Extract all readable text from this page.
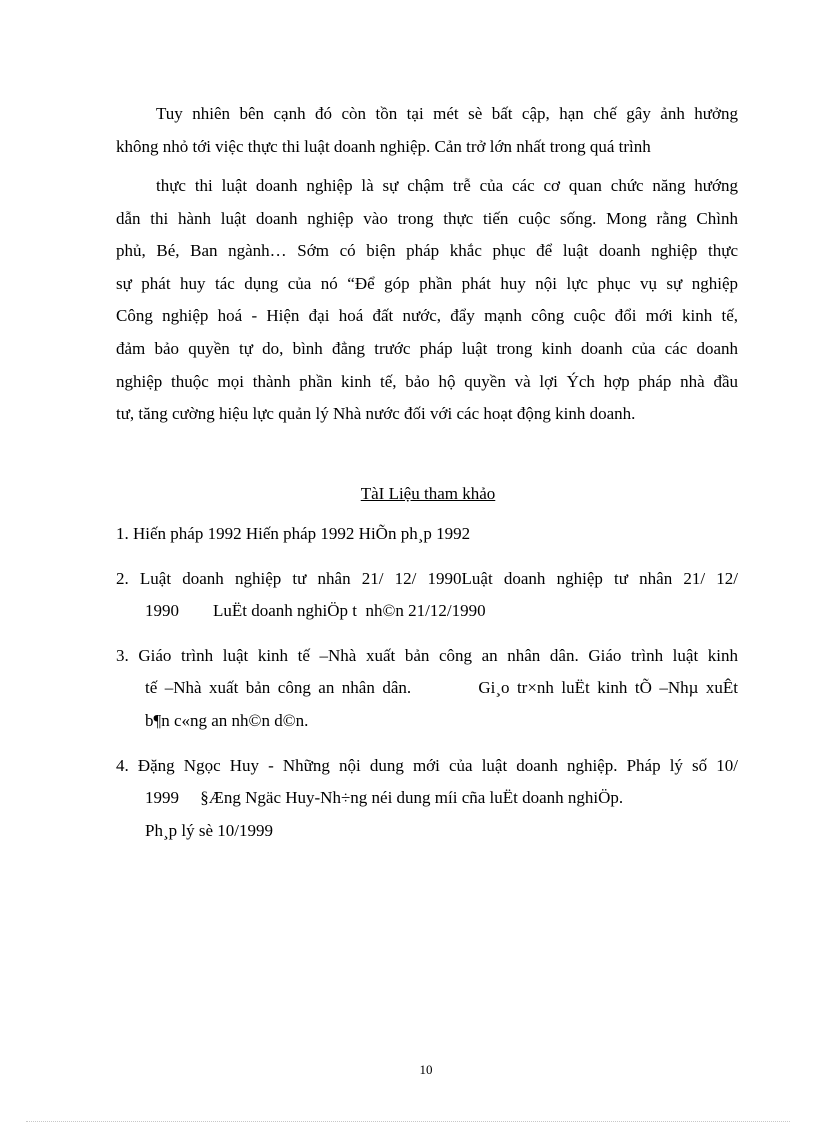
Tuy nhiên bên cạnh đó còn tồn tại mét sè bất cập, hạn chế gây ảnh hưởng
không nhỏ tới việc thực thi luật doanh nghiệp. Cản trở lớn nhất trong quá trình
thực thi luật doanh nghiệp là sự chậm trễ của các cơ quan chức năng hướng
dẫn thi hành luật doanh nghiệp vào trong thực tiến cuộc sống. Mong rằng Chình
phủ, Bé, Ban ngành… Sớm có biện pháp khắc phục để luật doanh nghiệp thực
sự phát huy tác dụng của nó “Để góp phần phát huy nội lực phục vụ sự nghiệp
Công nghiệp hoá - Hiện đại hoá đất nước, đẩy mạnh công cuộc đổi mới kinh tế,
đảm bảo quyền tự do, bình đẳng trước pháp luật trong kinh doanh của các doanh
nghiệp thuộc mọi thành phần kinh tế, bảo hộ quyền và lợi Ých hợp pháp nhà đầu
tư, tăng cường hiệu lực quản lý Nhà nước đối với các hoạt động kinh doanh.
TàI Liệu tham khảo
1. Hiến pháp 1992 Hiến pháp 1992 HiÕn ph¸p 1992
2. Luật doanh nghiệp tư nhân 21/ 12/ 1990Luật doanh nghiệp tư nhân 21/ 12/
1990        LuËt doanh nghiÖp t  nh©n 21/12/1990
3. Giáo trình luật kinh tế –Nhà xuất bản công an nhân dân. Giáo trình luật kinh
tế –Nhà xuất bản công an nhân dân.         Gi¸o tr×nh luËt kinh tÕ –Nhµ xuÊt
b¶n c«ng an nh©n d©n.
4. Đặng Ngọc Huy - Những nội dung mới của luật doanh nghiệp. Pháp lý số 10/
1999     §Æng Ngäc Huy-Nh÷ng néi dung míi cña luËt doanh nghiÖp.
Ph¸p lý sè 10/1999
10
